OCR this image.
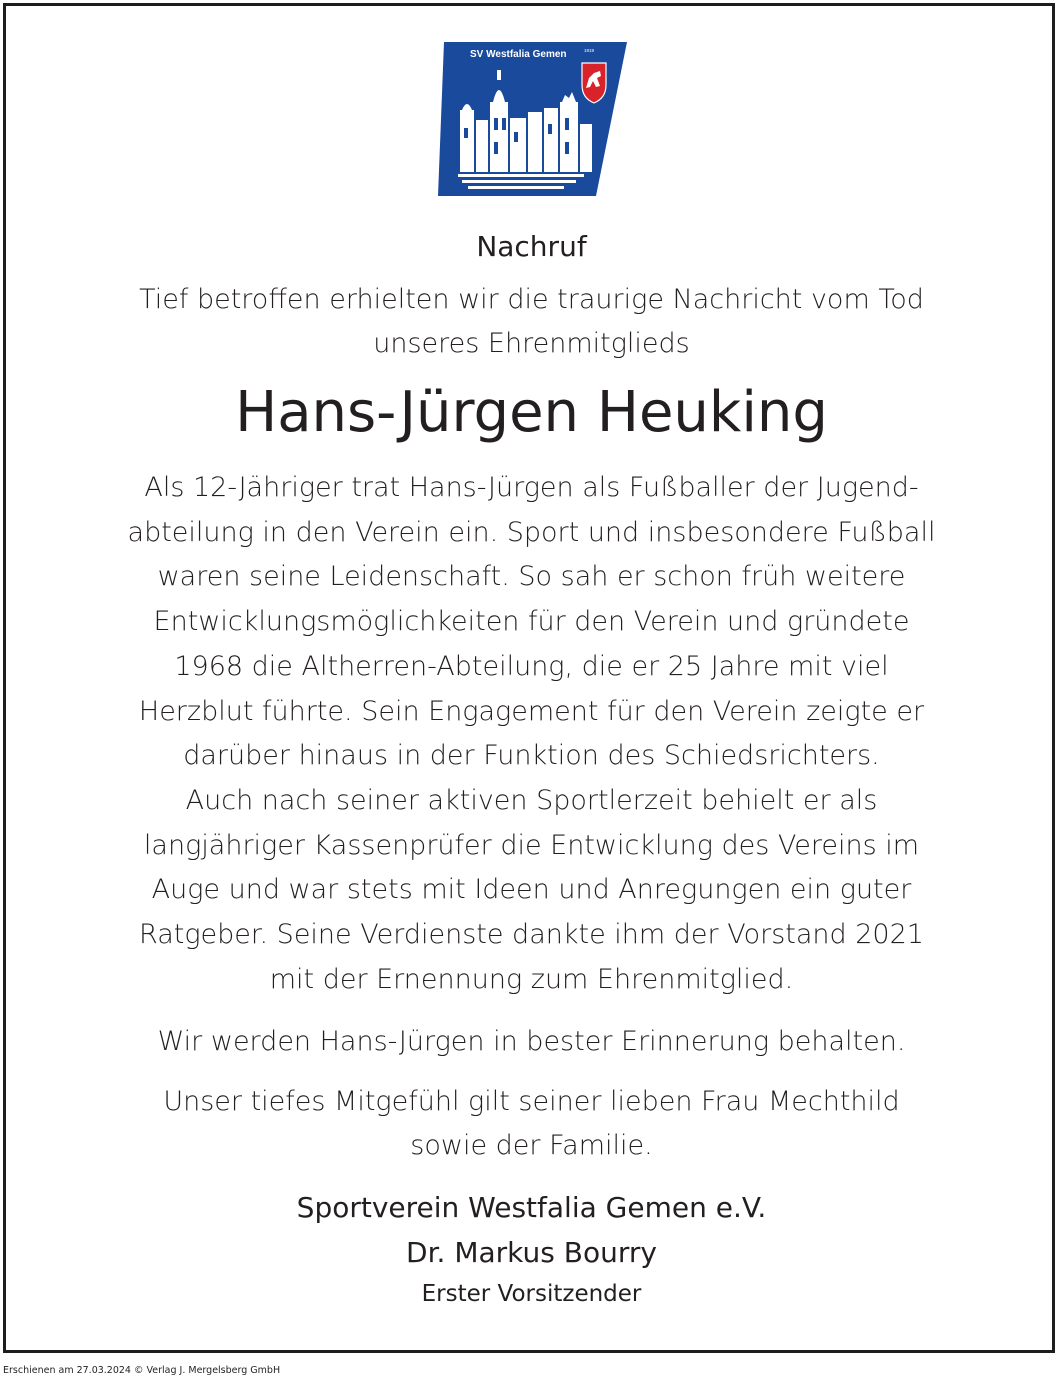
SV Westfalia Gemen	1919
Nachruf
Tief betroffen erhielten wir die traurige Nachricht vom Tod
unseres Ehrenmitglieds
Hans-Jürgen Heuking
Als 12-Jähriger trat Hans-Jürgen als Fußballer der Jugend-
abteilung in den Verein ein. Sport und insbesondere Fußball
waren seine Leidenschaft. So sah er schon früh weitere
Entwicklungsmöglichkeiten für den Verein und gründete
1968 die Altherren-Abteilung, die er 25 Jahre mit viel
Herzblut führte. Sein Engagement für den Verein zeigte er
darüber hinaus in der Funktion des Schiedsrichters.
Auch nach seiner aktiven Sportlerzeit behielt er als
langjähriger Kassenprüfer die Entwicklung des Vereins im
Auge und war stets mit Ideen und Anregungen ein guter
Ratgeber. Seine Verdienste dankte ihm der Vorstand 2021
mit der Ernennung zum Ehrenmitglied.
Wir werden Hans-Jürgen in bester Erinnerung behalten.
Unser tiefes Mitgefühl gilt seiner lieben Frau Mechthild
sowie der Familie.
Sportverein Westfalia Gemen e.V.
Dr. Markus Bourry
Erster Vorsitzender
Erschienen am 27.03.2024 © Verlag J. Mergelsberg GmbH
